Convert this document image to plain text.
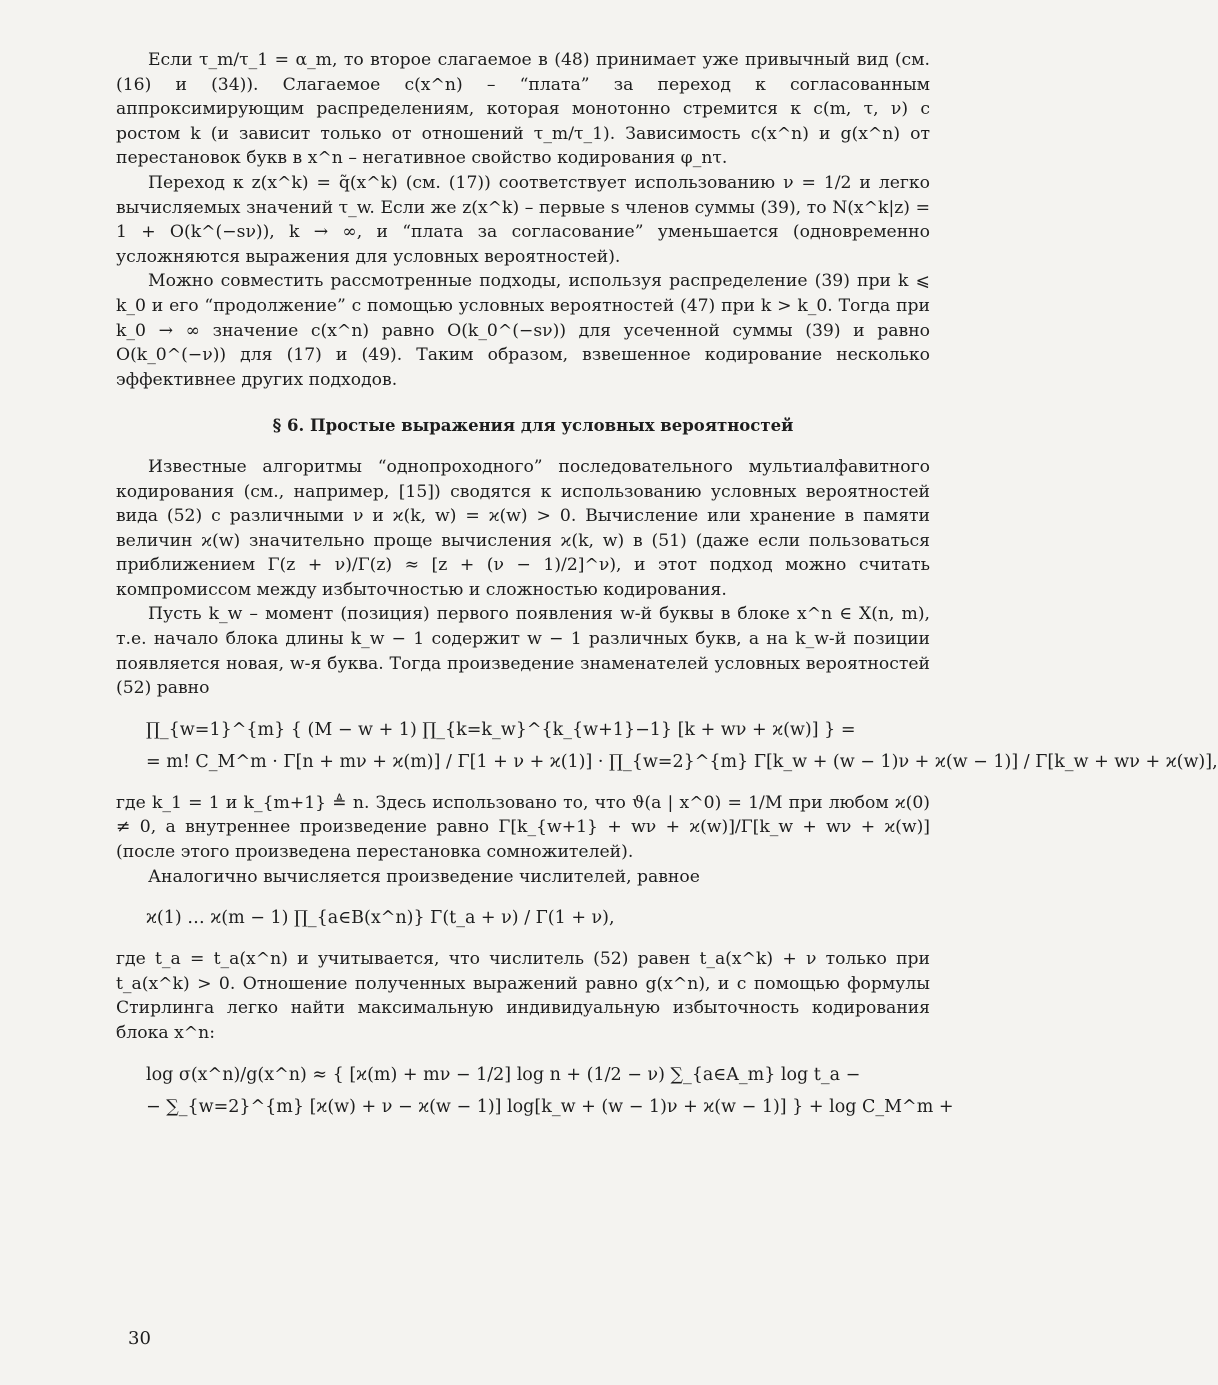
Если τ_m/τ_1 = α_m, то второе слагаемое в (48) принимает уже привычный вид (см. (16) и (34)). Слагаемое c(x^n) – “плата” за переход к согласованным аппроксимирующим распределениям, которая монотонно стремится к c(m, τ, ν) с ростом k (и зависит только от отношений τ_m/τ_1). Зависимость c(x^n) и g(x^n) от перестановок букв в x^n – негативное свойство кодирования φ_nτ.

Переход к z(x^k) = q̃(x^k) (см. (17)) соответствует использованию ν = 1/2 и легко вычисляемых значений τ_w. Если же z(x^k) – первые s членов суммы (39), то N(x^k|z) = 1 + O(k^(−sν)), k → ∞, и “плата за согласование” уменьшается (одновременно усложняются выражения для условных вероятностей).

Можно совместить рассмотренные подходы, используя распределение (39) при k ⩽ k_0 и его “продолжение” с помощью условных вероятностей (47) при k > k_0. Тогда при k_0 → ∞ значение c(x^n) равно O(k_0^(−sν)) для усеченной суммы (39) и равно O(k_0^(−ν)) для (17) и (49). Таким образом, взвешенное кодирование несколько эффективнее других подходов.

§ 6. Простые выражения для условных вероятностей

Известные алгоритмы “однопроходного” последовательного мультиалфавитного кодирования (см., например, [15]) сводятся к использованию условных вероятностей вида (52) с различными ν и ϰ(k, w) = ϰ(w) > 0. Вычисление или хранение в памяти величин ϰ(w) значительно проще вычисления ϰ(k, w) в (51) (даже если пользоваться приближением Γ(z + ν)/Γ(z) ≈ [z + (ν − 1)/2]^ν), и этот подход можно считать компромиссом между избыточностью и сложностью кодирования.

Пусть k_w – момент (позиция) первого появления w-й буквы в блоке x^n ∈ X(n, m), т.е. начало блока длины k_w − 1 содержит w − 1 различных букв, а на k_w-й позиции появляется новая, w-я буква. Тогда произведение знаменателей условных вероятностей (52) равно

∏_{w=1}^{m} { (M − w + 1) ∏_{k=k_w}^{k_{w+1}−1} [k + wν + ϰ(w)] } =
= m! C_M^m · Γ[n + mν + ϰ(m)] / Γ[1 + ν + ϰ(1)] · ∏_{w=2}^{m} Γ[k_w + (w − 1)ν + ϰ(w − 1)] / Γ[k_w + wν + ϰ(w)],

где k_1 = 1 и k_{m+1} ≜ n. Здесь использовано то, что ϑ(a | x^0) = 1/M при любом ϰ(0) ≠ 0, а внутреннее произведение равно Γ[k_{w+1} + wν + ϰ(w)]/Γ[k_w + wν + ϰ(w)] (после этого произведена перестановка сомножителей).

Аналогично вычисляется произведение числителей, равное

ϰ(1) … ϰ(m − 1) ∏_{a∈B(x^n)} Γ(t_a + ν) / Γ(1 + ν),

где t_a = t_a(x^n) и учитывается, что числитель (52) равен t_a(x^k) + ν только при t_a(x^k) > 0. Отношение полученных выражений равно g(x^n), и с помощью формулы Стирлинга легко найти максимальную индивидуальную избыточность кодирования блока x^n:

log σ(x^n)/g(x^n) ≈ { [ϰ(m) + mν − 1/2] log n + (1/2 − ν) ∑_{a∈A_m} log t_a −
− ∑_{w=2}^{m} [ϰ(w) + ν − ϰ(w − 1)] log[k_w + (w − 1)ν + ϰ(w − 1)] } + log C_M^m +
30
